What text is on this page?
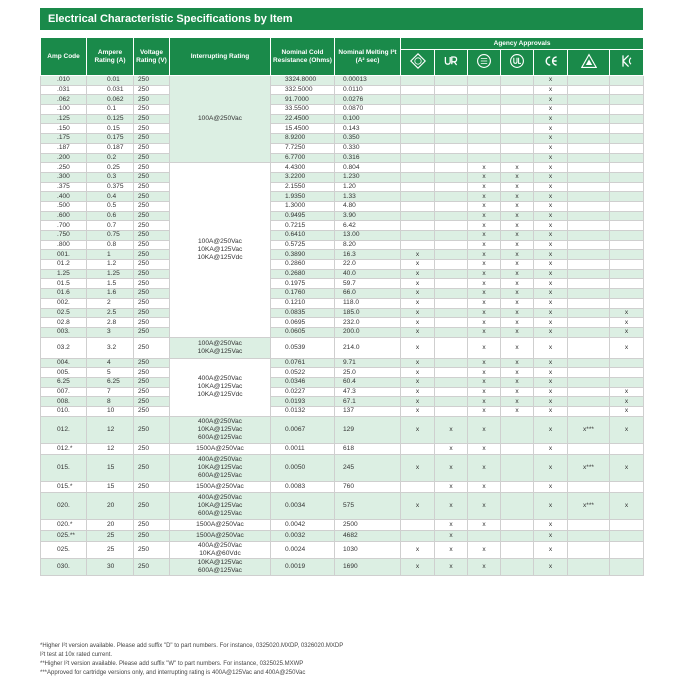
Electrical Characteristic Specifications by Item
Amp Code	Ampere Rating (A)	Voltage Rating (V)	Interrupting Rating	Nominal Cold Resistance (Ohms)	Nominal Melting I²t (A² sec)	Agency Approvals						

.010	0.01	250	100A@250Vac	3324.8000	0.00013					x		
.031	0.031	250		332.5000	0.0110					x		
.062	0.062	250		91.7000	0.0276					x		
.100	0.1	250		33.5500	0.0870					x		
.125	0.125	250		22.4500	0.100					x		
.150	0.15	250		15.4500	0.143					x		
.175	0.175	250		8.9200	0.350					x		
.187	0.187	250		7.7250	0.330					x		
.200	0.2	250		6.7700	0.316					x		
.250	0.25	250	100A@250Vac
10KA@125Vac
10KA@125Vdc	4.4300	0.804			x	x	x		
.300	0.3	250		3.2200	1.230			x	x	x		
.375	0.375	250		2.1550	1.20			x	x	x		
.400	0.4	250		1.9350	1.33			x	x	x		
.500	0.5	250		1.3000	4.80			x	x	x		
.600	0.6	250		0.9495	3.90			x	x	x		
.700	0.7	250		0.7215	6.42			x	x	x		
.750	0.75	250		0.6410	13.00			x	x	x		
.800	0.8	250		0.5725	8.20			x	x	x		
001.	1	250		0.3890	16.3	x		x	x	x		
01.2	1.2	250		0.2860	22.0	x		x	x	x		
1.25	1.25	250		0.2680	40.0	x		x	x	x		
01.5	1.5	250		0.1975	59.7	x		x	x	x		
01.6	1.6	250		0.1760	66.0	x		x	x	x		
002.	2	250		0.1210	118.0	x		x	x	x		
02.5	2.5	250		0.0835	185.0	x		x	x	x		x
02.8	2.8	250		0.0695	232.0	x		x	x	x		x
003.	3	250		0.0605	200.0	x		x	x	x		x
03.2	3.2	250	100A@250Vac
10KA@125Vac	0.0539	214.0	x		x	x	x		x
004.	4	250	400A@250Vac
10KA@125Vac
10KA@125Vdc	0.0761	9.71	x		x	x	x		
005.	5	250		0.0522	25.0	x		x	x	x		
6.25	6.25	250		0.0346	60.4	x		x	x	x		
007.	7	250		0.0227	47.3	x		x	x	x		x
008.	8	250		0.0193	67.1	x		x	x	x		x
010.	10	250		0.0132	137	x		x	x	x		x
012.	12	250	400A@250Vac
10KA@125Vac
600A@125Vac	0.0067	129	x	x	x		x	x***	x
012.*	12	250	1500A@250Vac	0.0011	618		x	x		x		
015.	15	250	400A@250Vac
10KA@125Vac
600A@125Vac	0.0050	245	x	x	x		x	x***	x
015.*	15	250	1500A@250Vac	0.0083	760		x	x		x		
020.	20	250	400A@250Vac
10KA@125Vac
600A@125Vac	0.0034	575	x	x	x		x	x***	x
020.*	20	250	1500A@250Vac	0.0042	2500		x	x		x		
025.**	25	250	1500A@250Vac	0.0032	4682		x			x		
025.	25	250	400A@250Vac
10KA@60Vdc	0.0024	1030	x	x	x		x		
030.	30	250	10KA@125Vac
600A@125Vac	0.0019	1690	x	x	x		x		
*Higher I²t version available. Please add suffix "D" to part numbers. For instance, 0325020.MXDP, 0326020.MXDP
I²t test at 10x rated current.
**Higher I²t version available. Please add suffix "W" to part numbers. For instance, 0325025.MXWP
***Approved for cartridge versions only, and interrupting rating is 400A@125Vac and 400A@250Vac
